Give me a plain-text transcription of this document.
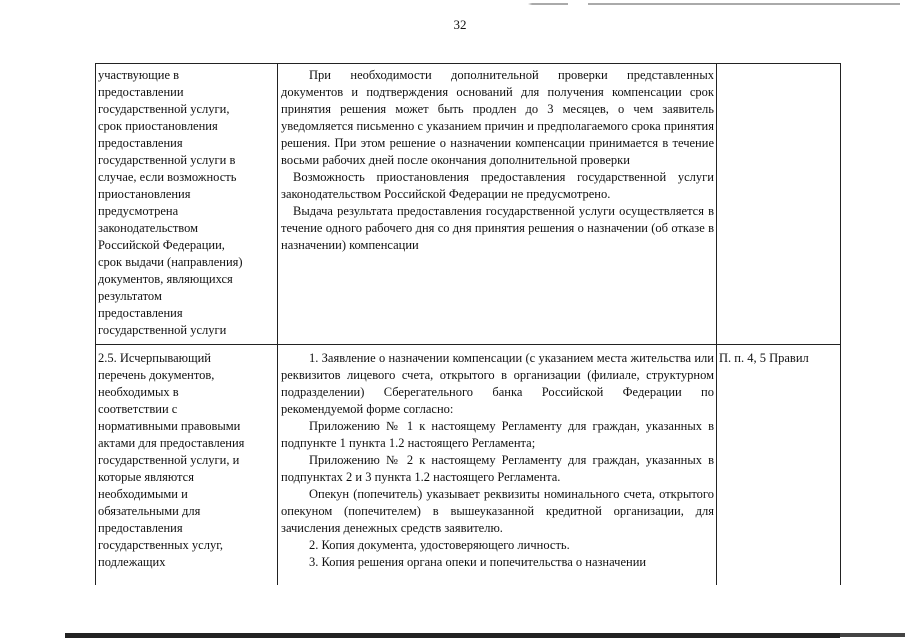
32

участвующие в

предоставлении

государственной услуги,

срок приостановления

предоставления

государственной услуги в

случае, если возможность

приостановления

предусмотрена

законодательством

Российской Федерации,

срок выдачи (направления)

документов, являющихся

результатом

предоставления

государственной услуги

При необходимости дополнительной проверки представленных документов и подтверждения оснований для получения компенсации срок принятия решения может быть продлен до 3 месяцев, о чем заявитель уведомляется письменно с указанием причин и предполагаемого срока принятия решения. При этом решение о назначении компенсации принимается в течение восьми рабочих дней после окончания дополнительной проверки

Возможность приостановления предоставления государственной услуги законодательством Российской Федерации не предусмотрено.

Выдача результата предоставления государственной услуги осуществляется в течение одного рабочего дня со дня принятия решения о назначении (об отказе в назначении) компенсации

2.5. Исчерпывающий

перечень документов,

необходимых в

соответствии с

нормативными правовыми

актами для предоставления

государственной услуги, и

которые являются

необходимыми и

обязательными для

предоставления

государственных услуг,

подлежащих

1. Заявление о назначении компенсации (с указанием места жительства или реквизитов лицевого счета, открытого в организации (филиале, структурном подразделении) Сберегательного банка Российской Федерации по рекомендуемой форме согласно:

Приложению № 1 к настоящему Регламенту для граждан, указанных в подпункте 1 пункта 1.2 настоящего Регламента;

Приложению № 2 к настоящему Регламенту для граждан, указанных в подпунктах 2 и 3 пункта 1.2 настоящего Регламента.

Опекун (попечитель) указывает реквизиты номинального счета, открытого опекуном (попечителем) в вышеуказанной кредитной организации, для зачисления денежных средств заявителю.

2. Копия документа, удостоверяющего личность.

3. Копия решения органа опеки и попечительства о назначении

П. п. 4, 5 Правил
